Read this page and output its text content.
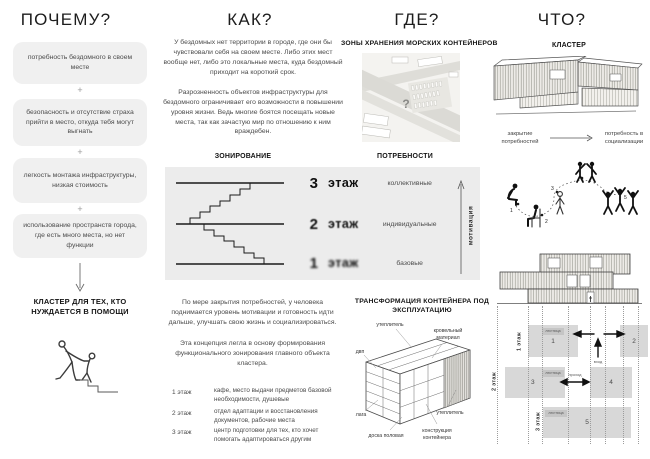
ПОЧЕМУ?	КАК?	ГДЕ?	ЧТО?
потребность бездомного в своем месте
+
безопасность и отсутствие страха прийти в место, откуда тебя могут выгнать
+
легкость монтажа инфраструктуры, низкая стоимость
+
использование пространств города, где есть много места, но нет функции
КЛАСТЕР ДЛЯ ТЕХ, КТО НУЖДАЕТСЯ В ПОМОЩИ
У бездомных нет территории в городе, где они бы чувствовали себя на своем месте. Либо этих мест вообще нет, либо это локальные места, куда бездомный приходит на короткий срок.
Разрозненность объектов инфраструктуры для бездомного ограничивает его возможности в повышении уровня жизни. Ведь многие боятся посещать новые места, так как зачастую мир по отношению к ним враждебен.
ЗОНИРОВАНИЕ	ПОТРЕБНОСТИ
3 этаж	коллективные
2 этаж	индивидуальные
1 этаж	базовые
мотивация
По мере закрытия потребностей, у человека поднимается уровень мотивации и готовность идти дальше, улучшать свою жизнь и социализироваться.
Эта концепция легла в основу формирования функционального зонирования главного объекта кластера.
1 этаж	кафе, место выдачи предметов базовой необходимости, душевые
2 этаж	отдел адаптации и восстановления документов, рабочие места
3 этаж	центр подготовки для тех, кто хочет помогать адаптироваться другим
ЗОНЫ ХРАНЕНИЯ МОРСКИХ КОНТЕЙНЕРОВ
?
ТРАНСФОРМАЦИЯ КОНТЕЙНЕРА ПОД ЭКСПЛУАТАЦИЮ
утеплитель
кровельный
материал
двп
лага
доска половая
конструкция
контейнера
утеплитель
КЛАСТЕР
закрытие потребностей
потребность в социализации
1
2
3
4
5
лестница
1	2
лестница
3	4
лестница
5
1 этаж
2 этаж
3 этаж
вход
проход
